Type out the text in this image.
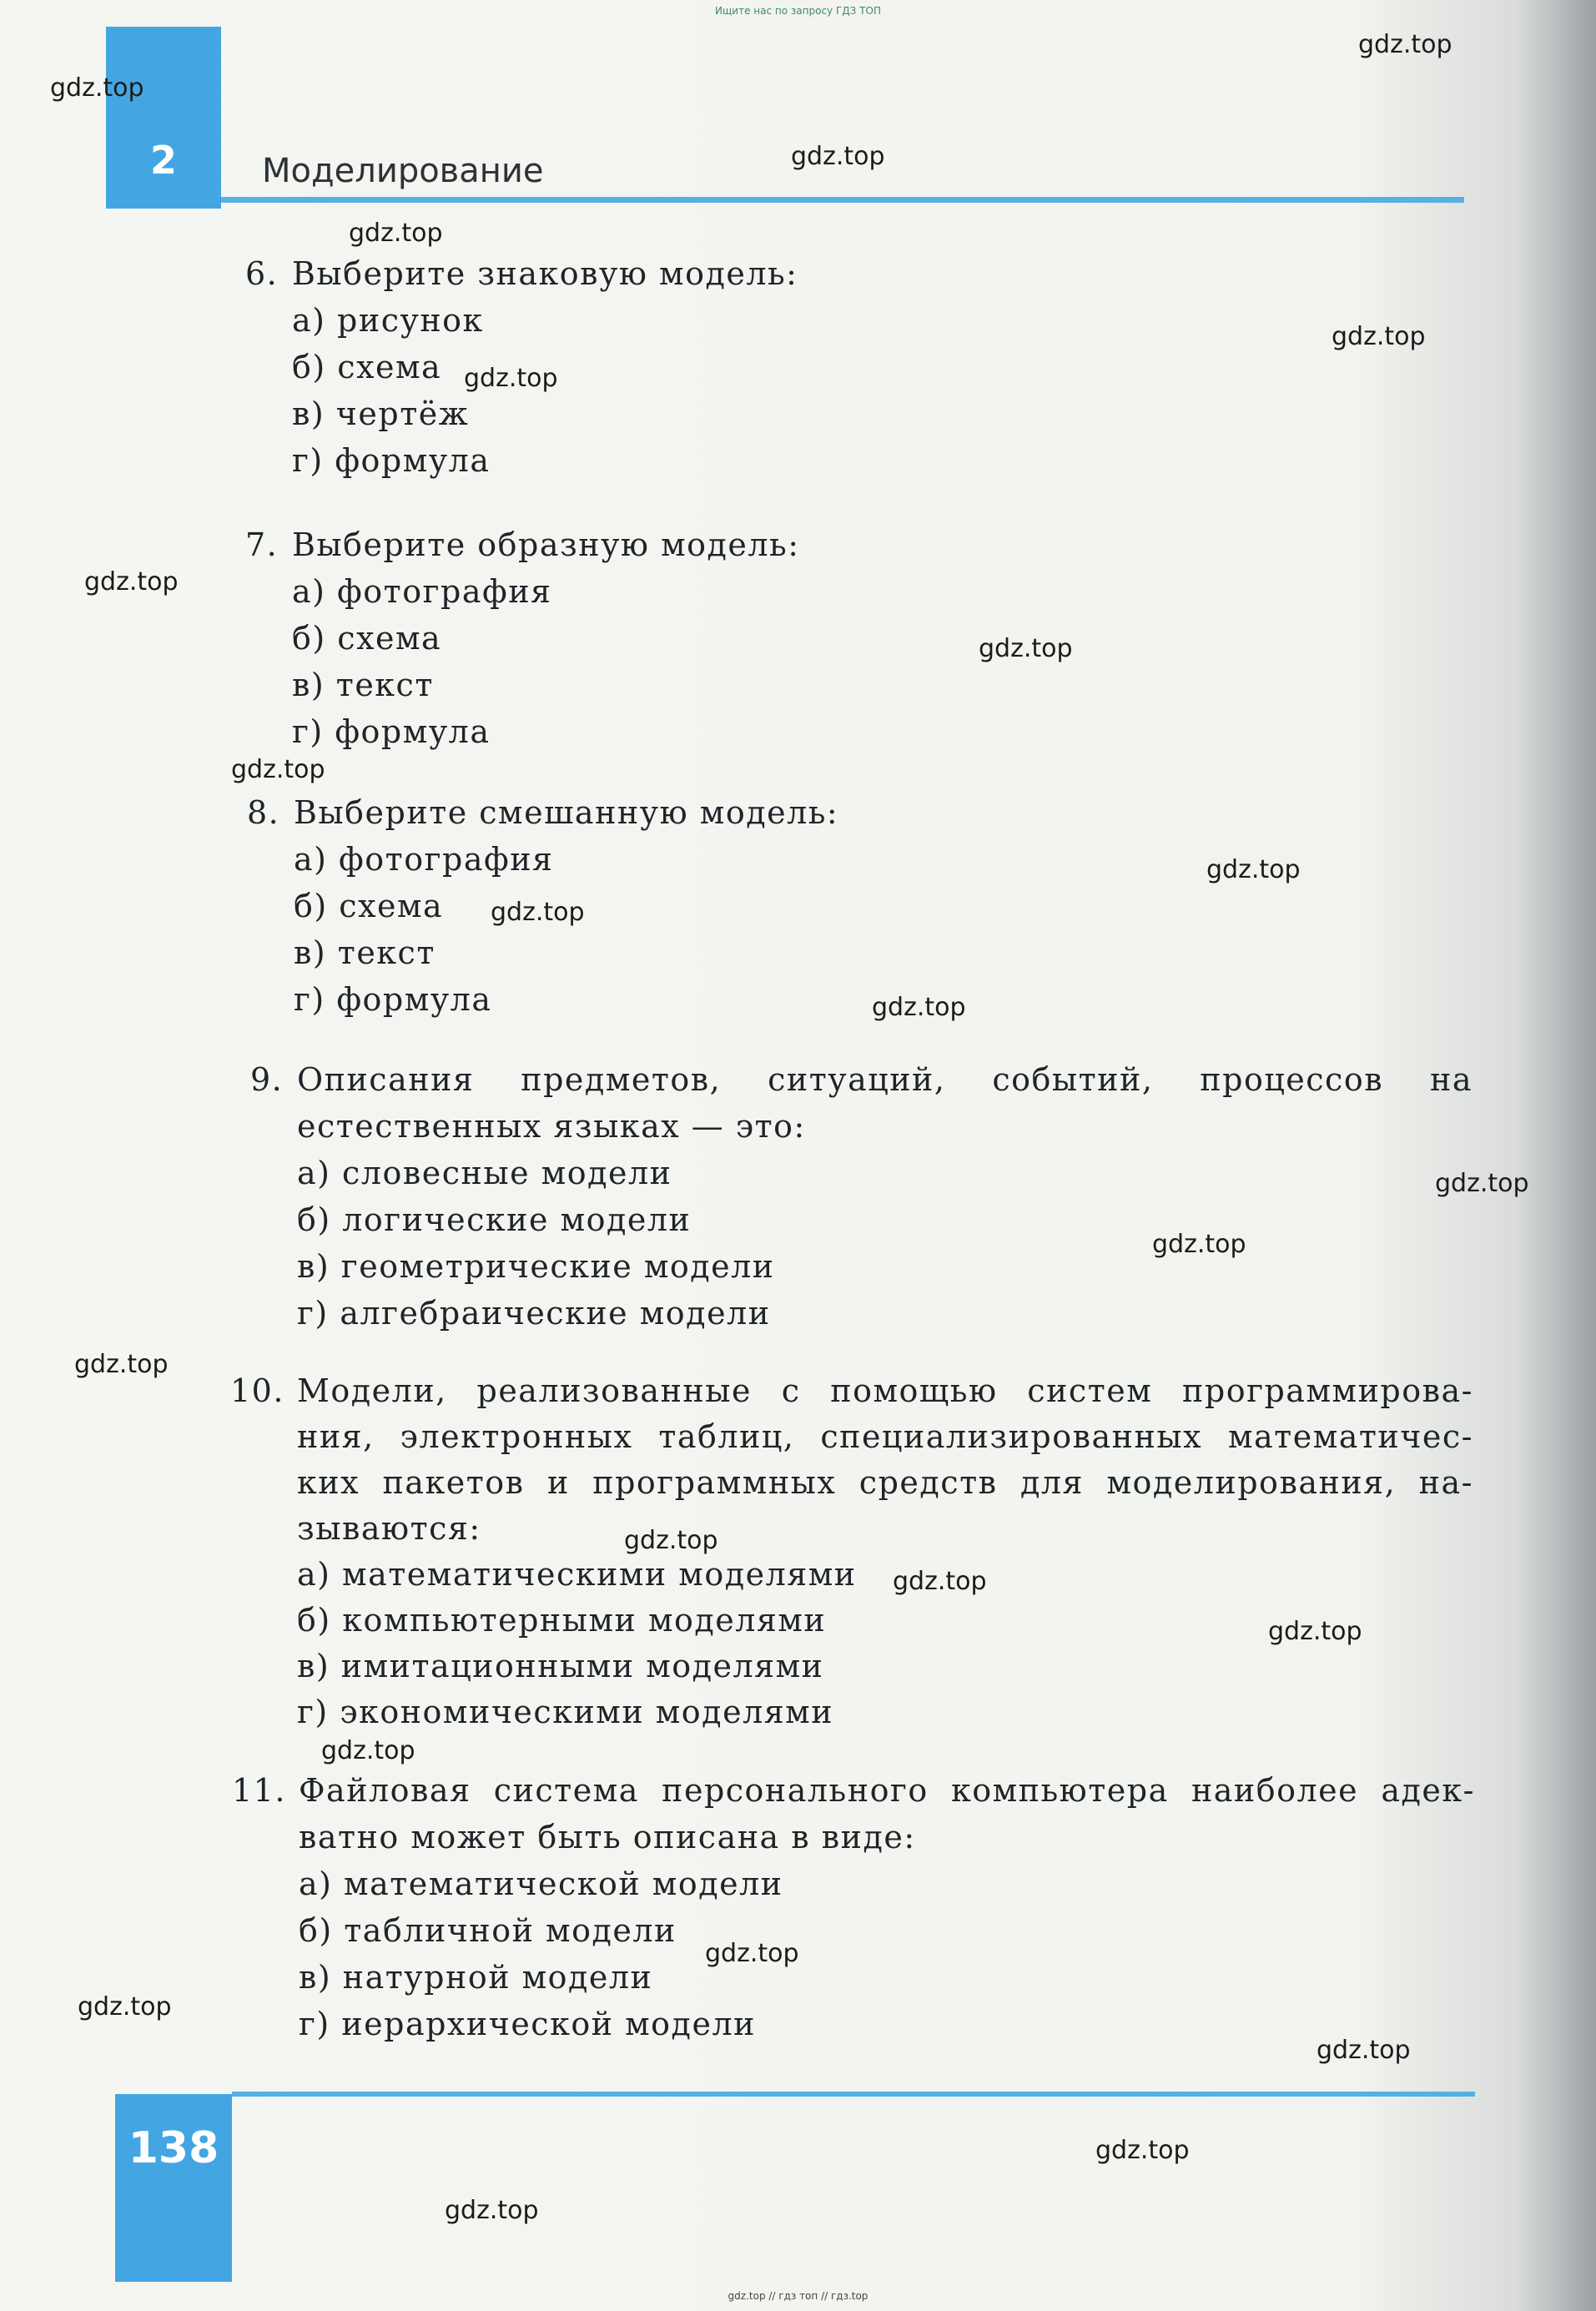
Ищите нас по запросу ГДЗ ТОП
2	Моделирование
6. Выберите знаковую модель:
а) рисунок
б) схема
в) чертёж
г) формула
7. Выберите образную модель:
а) фотография
б) схема
в) текст
г) формула
8. Выберите смешанную модель:
а) фотография
б) схема
в) текст
г) формула
9. Описания предметов, ситуаций, событий, процессов на
естественных языках — это:
а) словесные модели
б) логические модели
в) геометрические модели
г) алгебраические модели
10. Модели, реализованные с помощью систем программирова-
ния, электронных таблиц, специализированных математичес-
ких пакетов и программных средств для моделирования, на-
зываются:
а) математическими моделями
б) компьютерными моделями
в) имитационными моделями
г) экономическими моделями
11. Файловая система персонального компьютера наиболее адек-
ватно может быть описана в виде:
а) математической модели
б) табличной модели
в) натурной модели
г) иерархической модели
138
gdz.top
gdz.top
gdz.top
gdz.top
gdz.top
gdz.top
gdz.top
gdz.top
gdz.top
gdz.top
gdz.top
gdz.top
gdz.top
gdz.top
gdz.top
gdz.top
gdz.top
gdz.top
gdz.top
gdz.top
gdz.top
gdz.top
gdz.top
gdz.top
gdz.top // гдз топ // гдз.top
